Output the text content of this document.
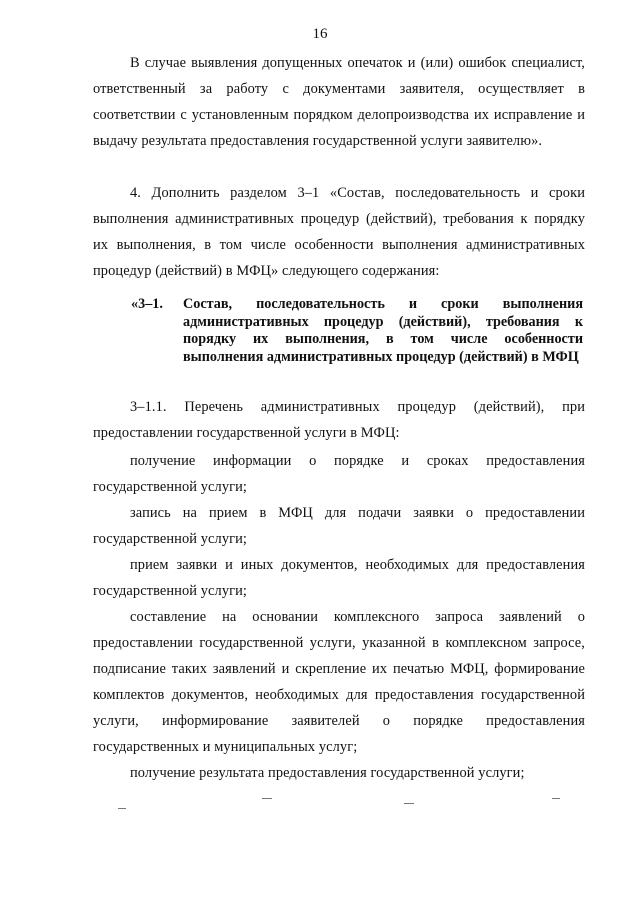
16

В случае выявления допущенных опечаток и (или) ошибок специалист, ответственный за работу с документами заявителя, осуществляет в соответствии с установленным порядком делопроизводства их исправление и выдачу результата предоставления государственной услуги заявителю».

4. Дополнить разделом 3–1 «Состав, последовательность и сроки выполнения административных процедур (действий), требования к порядку их выполнения, в том числе особенности выполнения административных процедур (действий) в МФЦ» следующего содержания:

«3–1.	Состав, последовательность и сроки выполнения административных процедур (действий), требования к порядку их выполнения, в том числе особенности выполнения административных процедур (действий) в МФЦ

3–1.1. Перечень административных процедур (действий), при предоставлении государственной услуги в МФЦ:

получение информации о порядке и сроках предоставления государственной услуги;

запись на прием в МФЦ для подачи заявки о предоставлении государственной услуги;

прием заявки и иных документов, необходимых для предоставления государственной услуги;

составление на основании комплексного запроса заявлений о предоставлении государственной услуги, указанной в комплексном запросе, подписание таких заявлений и скрепление их печатью МФЦ, формирование комплектов документов, необходимых для предоставления государственной услуги, информирование заявителей о порядке предоставления государственных и муниципальных услуг;

получение результата предоставления государственной услуги;
